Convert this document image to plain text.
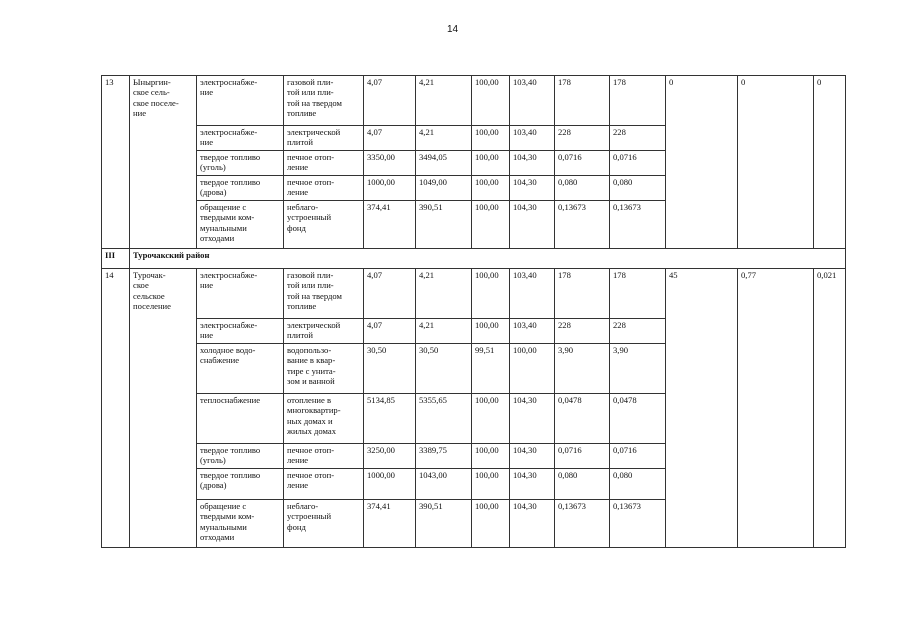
14
13	Ыныргин-
ское сель-
ское поселе-
ние	электроснабже-
ние	газовой пли-
той или пли-
той на твердом
топливе	4,07	4,21	100,00	103,40	178	178	0	0	0
		электроснабже-
ние	электрической
плитой	4,07	4,21	100,00	103,40	228	228			
		твердое топливо
(уголь)	печное отоп-
ление	3350,00	3494,05	100,00	104,30	0,0716	0,0716			
		твердое топливо
(дрова)	печное отоп-
ление	1000,00	1049,00	100,00	104,30	0,080	0,080			
		обращение с
твердыми ком-
мунальными
отходами	неблаго-
устроенный
фонд	374,41	390,51	100,00	104,30	0,13673	0,13673			
III	Турочакский район											
14	Турочак-
ское
сельское
поселение	электроснабже-
ние	газовой пли-
той или пли-
той на твердом
топливе	4,07	4,21	100,00	103,40	178	178	45	0,77	0,021
		электроснабже-
ние	электрической
плитой	4,07	4,21	100,00	103,40	228	228			
		холодное водо-
снабжение	водопользо-
вание в квар-
тире с унита-
зом и ванной	30,50	30,50	99,51	100,00	3,90	3,90			
		теплоснабжение	отопление в
многоквартир-
ных домах и
жилых домах	5134,85	5355,65	100,00	104,30	0,0478	0,0478			
		твердое топливо
(уголь)	печное отоп-
ление	3250,00	3389,75	100,00	104,30	0,0716	0,0716			
		твердое топливо
(дрова)	печное отоп-
ление	1000,00	1043,00	100,00	104,30	0,080	0,080			
		обращение с
твердыми ком-
мунальными
отходами	неблаго-
устроенный
фонд	374,41	390,51	100,00	104,30	0,13673	0,13673			
